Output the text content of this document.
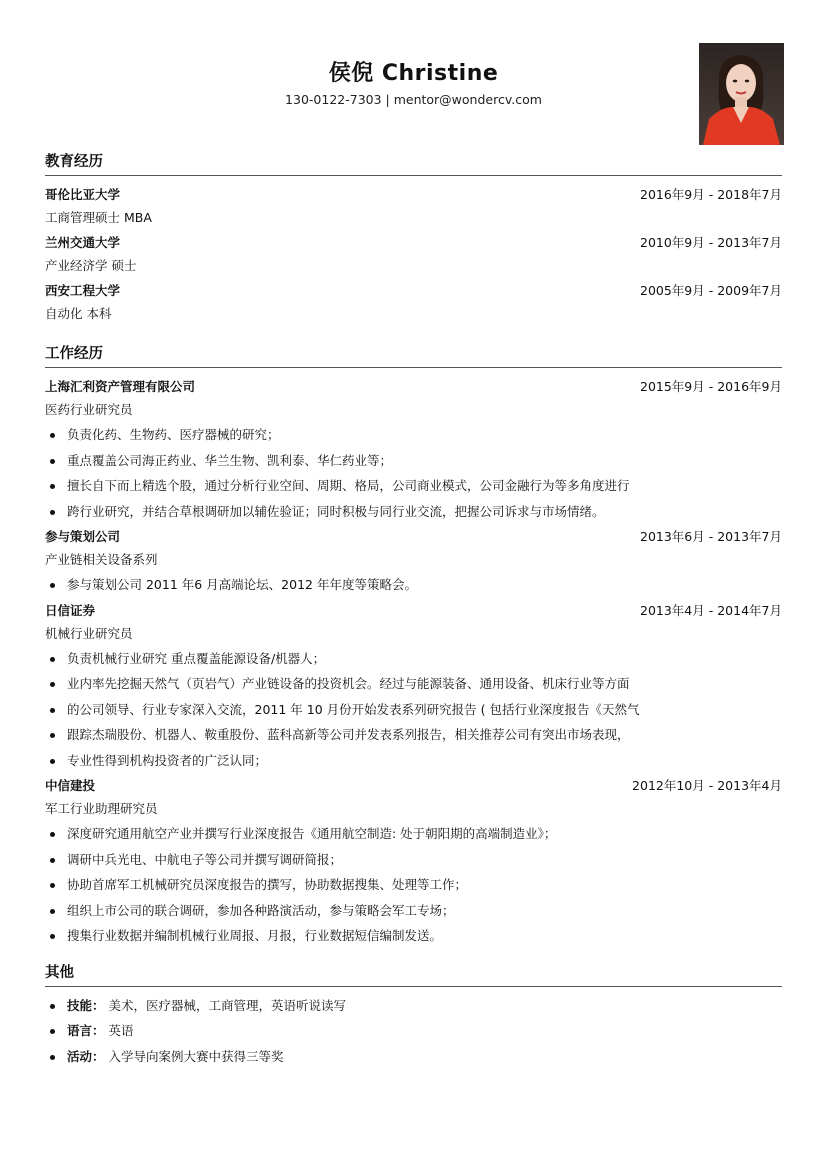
侯倪 Christine
130-0122-7303 | mentor@wondercv.com
教育经历
哥伦比亚大学	2016年9月 - 2018年7月
工商管理硕士 MBA
兰州交通大学	2010年9月 - 2013年7月
产业经济学 硕士
西安工程大学	2005年9月 - 2009年7月
自动化 本科
工作经历
上海汇利资产管理有限公司	2015年9月 - 2016年9月
医药行业研究员
负责化药、生物药、医疗器械的研究；
重点覆盖公司海正药业、华兰生物、凯利泰、华仁药业等；
擅长自下而上精选个股，通过分析行业空间、周期、格局，公司商业模式，公司金融行为等多角度进行
跨行业研究，并结合草根调研加以辅佐验证；同时积极与同行业交流，把握公司诉求与市场情绪。
参与策划公司	2013年6月 - 2013年7月
产业链相关设备系列
参与策划公司 2011 年6 月高端论坛、2012 年年度等策略会。
日信证券	2013年4月 - 2014年7月
机械行业研究员
负责机械行业研究 重点覆盖能源设备/机器人；
业内率先挖掘天然气（页岩气）产业链设备的投资机会。经过与能源装备、通用设备、机床行业等方面
的公司领导、行业专家深入交流，2011 年 10 月份开始发表系列研究报告 ( 包括行业深度报告《天然气
跟踪杰瑞股份、机器人、鞍重股份、蓝科高新等公司并发表系列报告，相关推荐公司有突出市场表现，
专业性得到机构投资者的广泛认同；
中信建投	2012年10月 - 2013年4月
军工行业助理研究员
深度研究通用航空产业并撰写行业深度报告《通用航空制造: 处于朝阳期的高端制造业》；
调研中兵光电、中航电子等公司并撰写调研简报；
协助首席军工机械研究员深度报告的撰写，协助数据搜集、处理等工作；
组织上市公司的联合调研，参加各种路演活动，参与策略会军工专场；
搜集行业数据并编制机械行业周报、月报，行业数据短信编制发送。
其他
技能： 美术，医疗器械，工商管理，英语听说读写
语言： 英语
活动： 入学导向案例大赛中获得三等奖
